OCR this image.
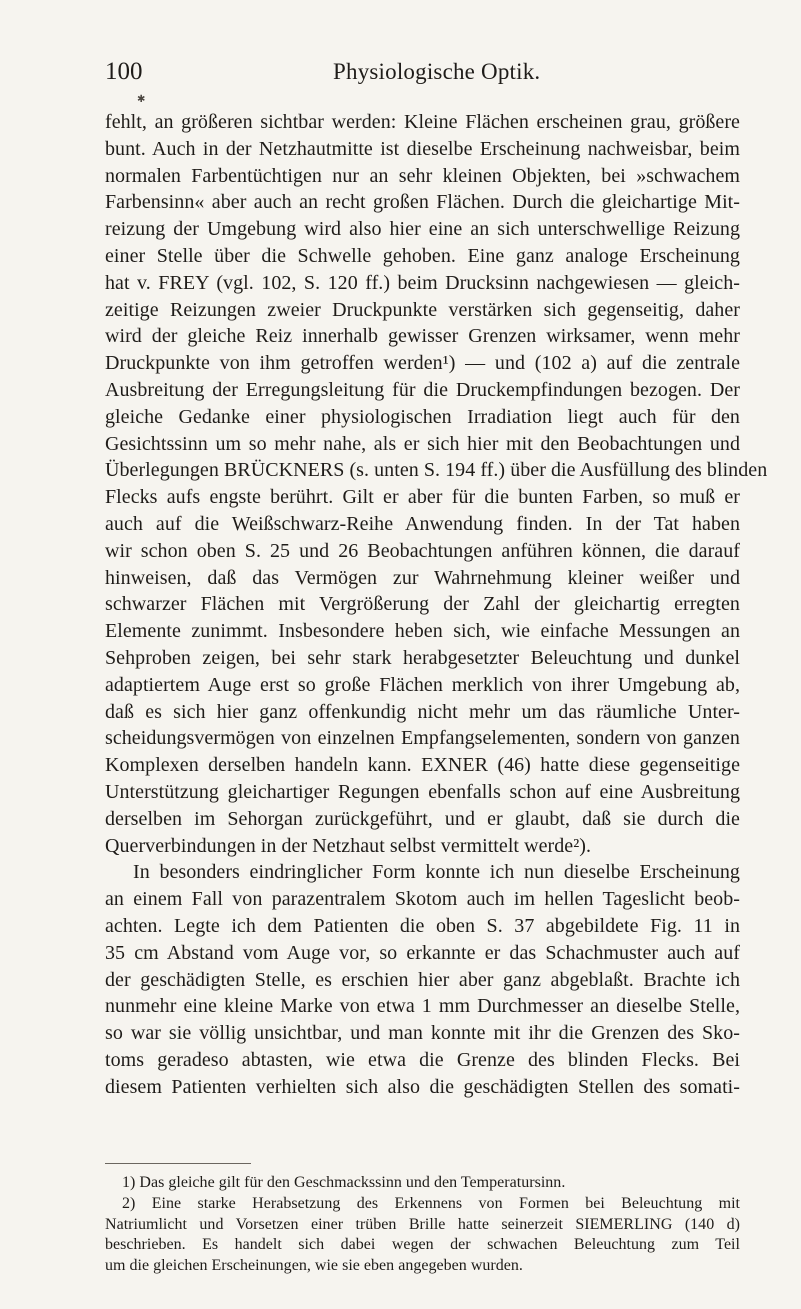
100	Physiologische Optik.
✱
fehlt, an größeren sichtbar werden: Kleine Flächen erscheinen grau, größere
bunt. Auch in der Netzhautmitte ist dieselbe Erscheinung nachweisbar, beim
normalen Farbentüchtigen nur an sehr kleinen Objekten, bei »schwachem
Farbensinn« aber auch an recht großen Flächen. Durch die gleichartige Mit-
reizung der Umgebung wird also hier eine an sich unterschwellige Reizung
einer Stelle über die Schwelle gehoben. Eine ganz analoge Erscheinung
hat v. FREY (vgl. 102, S. 120 ff.) beim Drucksinn nachgewiesen — gleich-
zeitige Reizungen zweier Druckpunkte verstärken sich gegenseitig, daher
wird der gleiche Reiz innerhalb gewisser Grenzen wirksamer, wenn mehr
Druckpunkte von ihm getroffen werden¹) — und (102 a) auf die zentrale
Ausbreitung der Erregungsleitung für die Druckempfindungen bezogen. Der
gleiche Gedanke einer physiologischen Irradiation liegt auch für den
Gesichtssinn um so mehr nahe, als er sich hier mit den Beobachtungen und
Überlegungen BRÜCKNERS (s. unten S. 194 ff.) über die Ausfüllung des blinden
Flecks aufs engste berührt. Gilt er aber für die bunten Farben, so muß er
auch auf die Weißschwarz-Reihe Anwendung finden. In der Tat haben
wir schon oben S. 25 und 26 Beobachtungen anführen können, die darauf
hinweisen, daß das Vermögen zur Wahrnehmung kleiner weißer und
schwarzer Flächen mit Vergrößerung der Zahl der gleichartig erregten
Elemente zunimmt. Insbesondere heben sich, wie einfache Messungen an
Sehproben zeigen, bei sehr stark herabgesetzter Beleuchtung und dunkel
adaptiertem Auge erst so große Flächen merklich von ihrer Umgebung ab,
daß es sich hier ganz offenkundig nicht mehr um das räumliche Unter-
scheidungsvermögen von einzelnen Empfangselementen, sondern von ganzen
Komplexen derselben handeln kann. EXNER (46) hatte diese gegenseitige
Unterstützung gleichartiger Regungen ebenfalls schon auf eine Ausbreitung
derselben im Sehorgan zurückgeführt, und er glaubt, daß sie durch die
Querverbindungen in der Netzhaut selbst vermittelt werde²).
In besonders eindringlicher Form konnte ich nun dieselbe Erscheinung
an einem Fall von parazentralem Skotom auch im hellen Tageslicht beob-
achten. Legte ich dem Patienten die oben S. 37 abgebildete Fig. 11 in
35 cm Abstand vom Auge vor, so erkannte er das Schachmuster auch auf
der geschädigten Stelle, es erschien hier aber ganz abgeblaßt. Brachte ich
nunmehr eine kleine Marke von etwa 1 mm Durchmesser an dieselbe Stelle,
so war sie völlig unsichtbar, und man konnte mit ihr die Grenzen des Sko-
toms geradeso abtasten, wie etwa die Grenze des blinden Flecks. Bei
diesem Patienten verhielten sich also die geschädigten Stellen des somati-
1) Das gleiche gilt für den Geschmackssinn und den Temperatursinn.
2) Eine starke Herabsetzung des Erkennens von Formen bei Beleuchtung mit
Natriumlicht und Vorsetzen einer trüben Brille hatte seinerzeit SIEMERLING (140 d)
beschrieben. Es handelt sich dabei wegen der schwachen Beleuchtung zum Teil
um die gleichen Erscheinungen, wie sie eben angegeben wurden.
